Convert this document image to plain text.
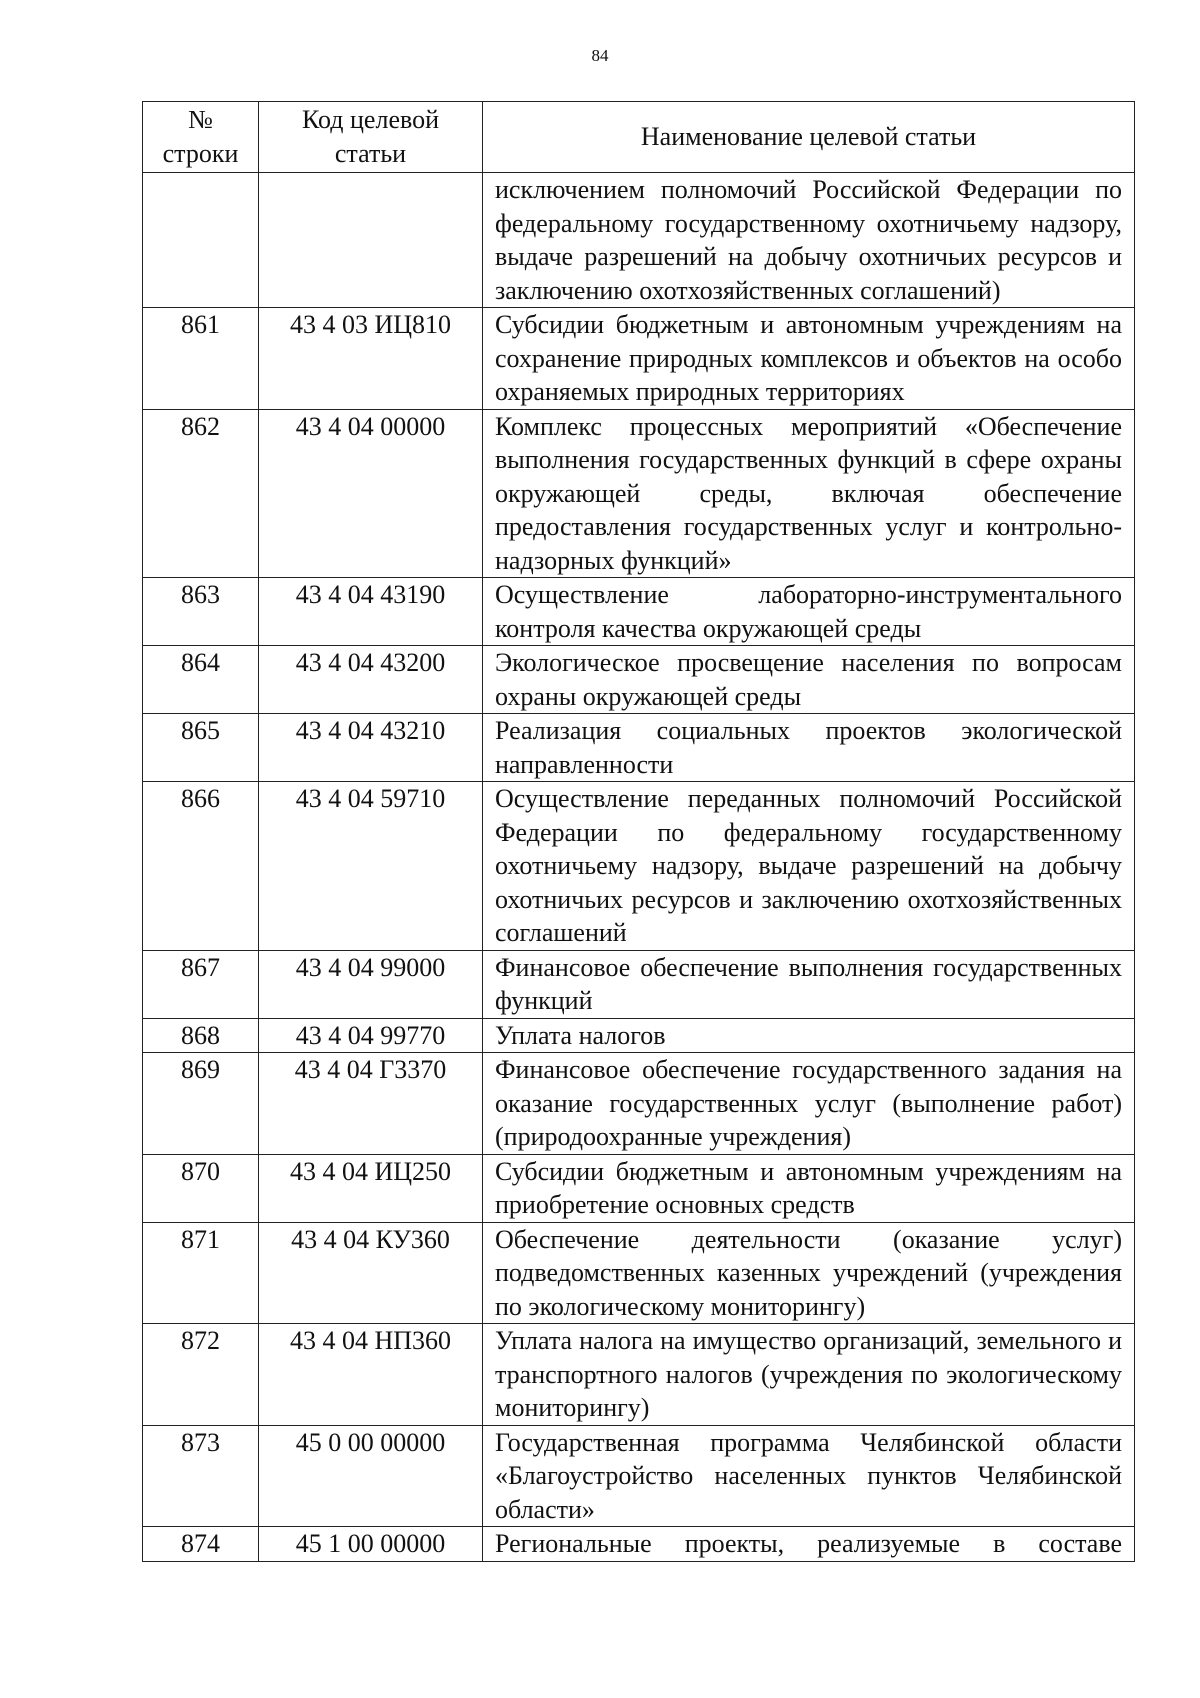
84
№ строки	Код целевой статьи	Наименование целевой статьи
		исключением полномочий Российской Федерации по федеральному государственному охотничьему надзору, выдаче разрешений на добычу охотничьих ресурсов и заключению охотхозяйственных соглашений)
861	43 4 03 ИЦ810	Субсидии бюджетным и автономным учреждениям на сохранение природных комплексов и объектов на особо охраняемых природных территориях
862	43 4 04 00000	Комплекс процессных мероприятий «Обеспечение выполнения государственных функций в сфере охраны окружающей среды, включая обеспечение предоставления государственных услуг и контрольно-надзорных функций»
863	43 4 04 43190	Осуществление лабораторно-инструментального контроля качества окружающей среды
864	43 4 04 43200	Экологическое просвещение населения по вопросам охраны окружающей среды
865	43 4 04 43210	Реализация социальных проектов экологической направленности
866	43 4 04 59710	Осуществление переданных полномочий Российской Федерации по федеральному государственному охотничьему надзору, выдаче разрешений на добычу охотничьих ресурсов и заключению охотхозяйственных соглашений
867	43 4 04 99000	Финансовое обеспечение выполнения государственных функций
868	43 4 04 99770	Уплата налогов
869	43 4 04 Г3370	Финансовое обеспечение государственного задания на оказание государственных услуг (выполнение работ) (природоохранные учреждения)
870	43 4 04 ИЦ250	Субсидии бюджетным и автономным учреждениям на приобретение основных средств
871	43 4 04 КУ360	Обеспечение деятельности (оказание услуг) подведомственных казенных учреждений (учреждения по экологическому мониторингу)
872	43 4 04 НП360	Уплата налога на имущество организаций, земельного и транспортного налогов (учреждения по экологическому мониторингу)
873	45 0 00 00000	Государственная программа Челябинской области «Благоустройство населенных пунктов Челябинской области»
874	45 1 00 00000	Региональные проекты, реализуемые в составе
